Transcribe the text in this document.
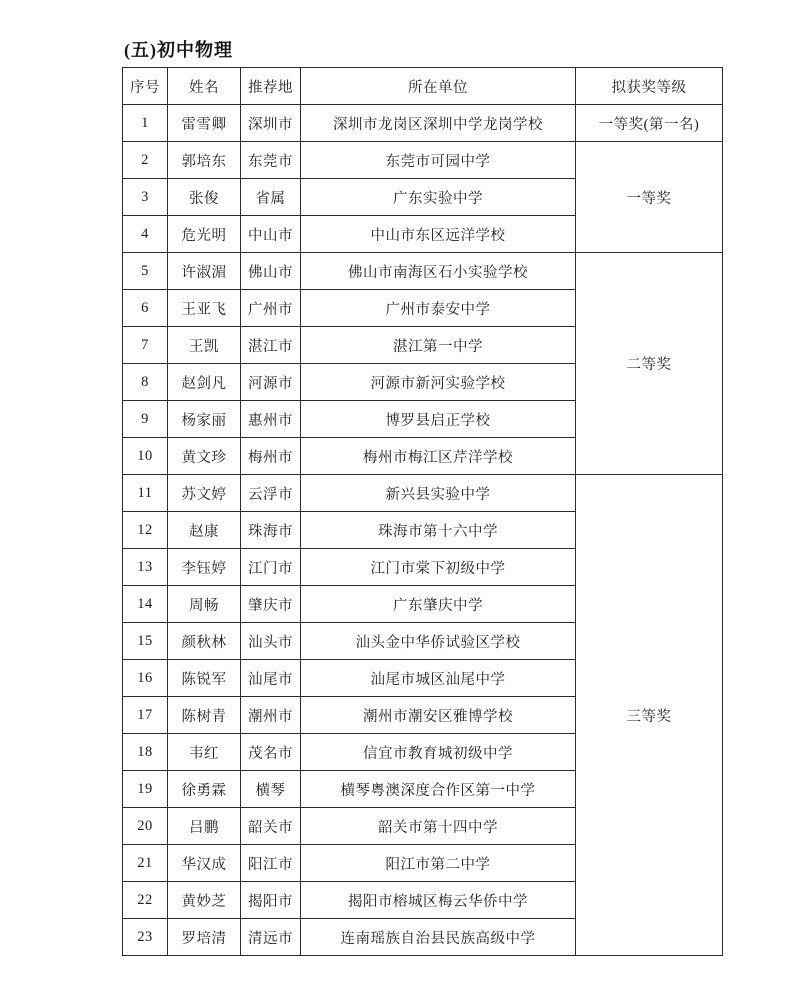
(五)初中物理
序号	姓名	推荐地	所在单位	拟获奖等级
1	雷雪卿	深圳市	深圳市龙岗区深圳中学龙岗学校	一等奖(第一名)
2	郭培东	东莞市	东莞市可园中学	一等奖
3	张俊	省属	广东实验中学	
4	危光明	中山市	中山市东区远洋学校	
5	许淑湄	佛山市	佛山市南海区石小实验学校	二等奖
6	王亚飞	广州市	广州市泰安中学	
7	王凯	湛江市	湛江第一中学	
8	赵剑凡	河源市	河源市新河实验学校	
9	杨家丽	惠州市	博罗县启正学校	
10	黄文珍	梅州市	梅州市梅江区芹洋学校	
11	苏文婷	云浮市	新兴县实验中学	三等奖
12	赵康	珠海市	珠海市第十六中学	
13	李钰婷	江门市	江门市棠下初级中学	
14	周畅	肇庆市	广东肇庆中学	
15	颜秋林	汕头市	汕头金中华侨试验区学校	
16	陈锐军	汕尾市	汕尾市城区汕尾中学	
17	陈树青	潮州市	潮州市潮安区雅博学校	
18	韦红	茂名市	信宜市教育城初级中学	
19	徐勇霖	横琴	横琴粤澳深度合作区第一中学	
20	吕鹏	韶关市	韶关市第十四中学	
21	华汉成	阳江市	阳江市第二中学	
22	黄妙芝	揭阳市	揭阳市榕城区梅云华侨中学	
23	罗培清	清远市	连南瑶族自治县民族高级中学	
